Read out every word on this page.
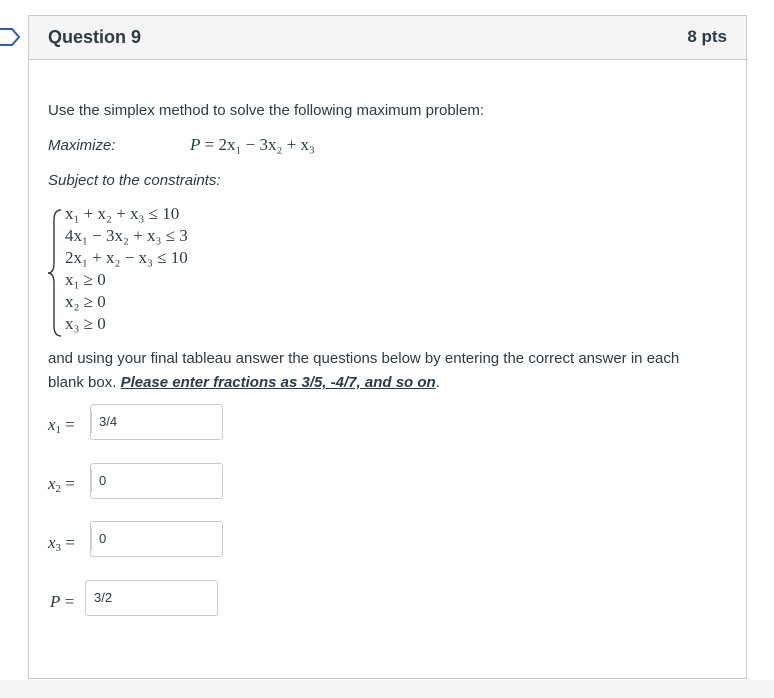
Question 9	8 pts
Use the simplex method to solve the following maximum problem:
Maximize:	P = 2x₁ − 3x₂ + x₃
Subject to the constraints:
x₁ + x₂ + x₃ ≤ 10
4x₁ − 3x₂ + x₃ ≤ 3
2x₁ + x₂ − x₃ ≤ 10
x₁ ≥ 0
x₂ ≥ 0
x₃ ≥ 0
and using your final tableau answer the questions below by entering the correct answer in each blank box. Please enter fractions as 3/5, -4/7, and so on.
$x_1$ =	3/4
$x_2$ =	0
$x_3$ =	0
P =	3/2
